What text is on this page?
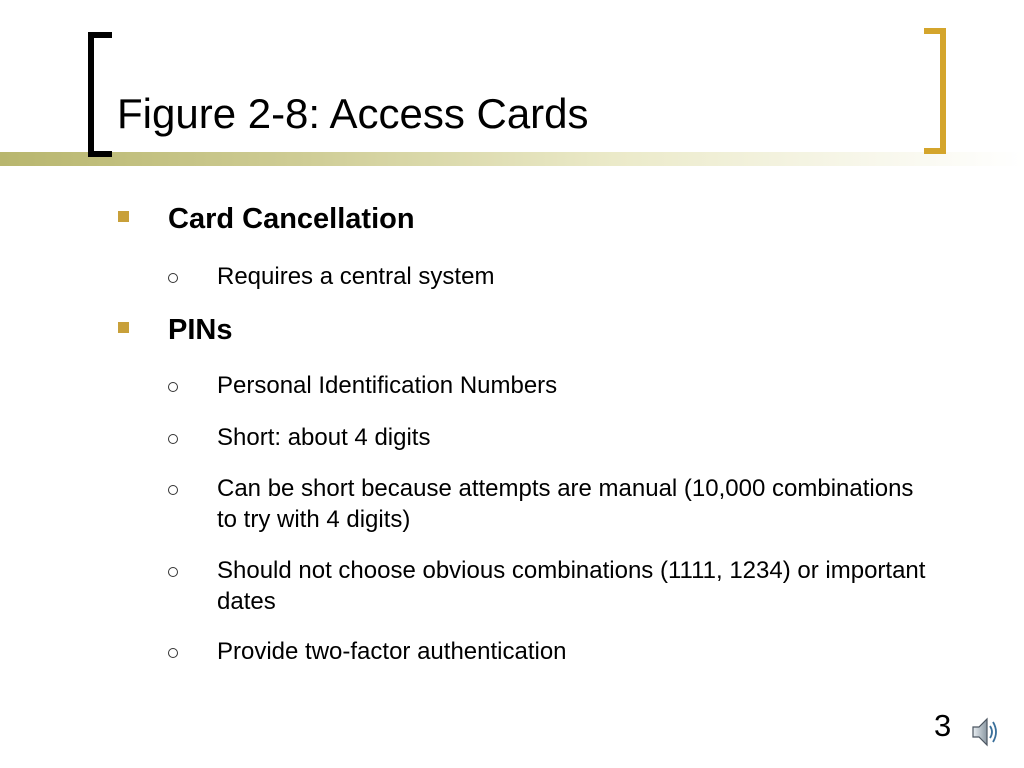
Figure 2-8: Access Cards
Card Cancellation
Requires a central system
PINs
Personal Identification Numbers
Short: about 4 digits
Can be short because attempts are manual (10,000 combinations to try with 4 digits)
Should not choose obvious combinations (1111, 1234) or important dates
Provide two-factor authentication
3
